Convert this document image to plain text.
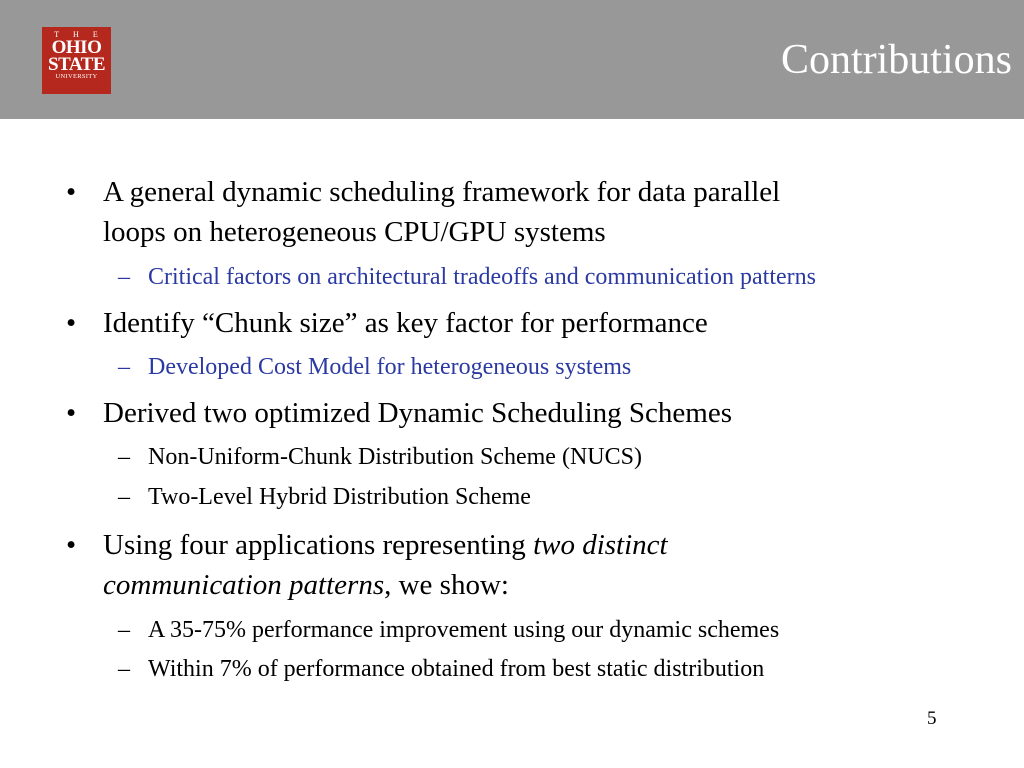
T H E
OHIO
STATE
UNIVERSITY	Contributions
• A general dynamic scheduling framework for data parallel
loops on heterogeneous CPU/GPU systems
– Critical factors on architectural tradeoffs and communication patterns
• Identify “Chunk size” as key factor for performance
– Developed Cost Model for heterogeneous systems
• Derived two optimized Dynamic Scheduling Schemes
– Non-Uniform-Chunk Distribution Scheme (NUCS)
– Two-Level Hybrid Distribution Scheme
• Using four applications representing two distinct
communication patterns, we show:
– A 35-75% performance improvement using our dynamic schemes
– Within 7% of performance obtained from best static distribution
5
